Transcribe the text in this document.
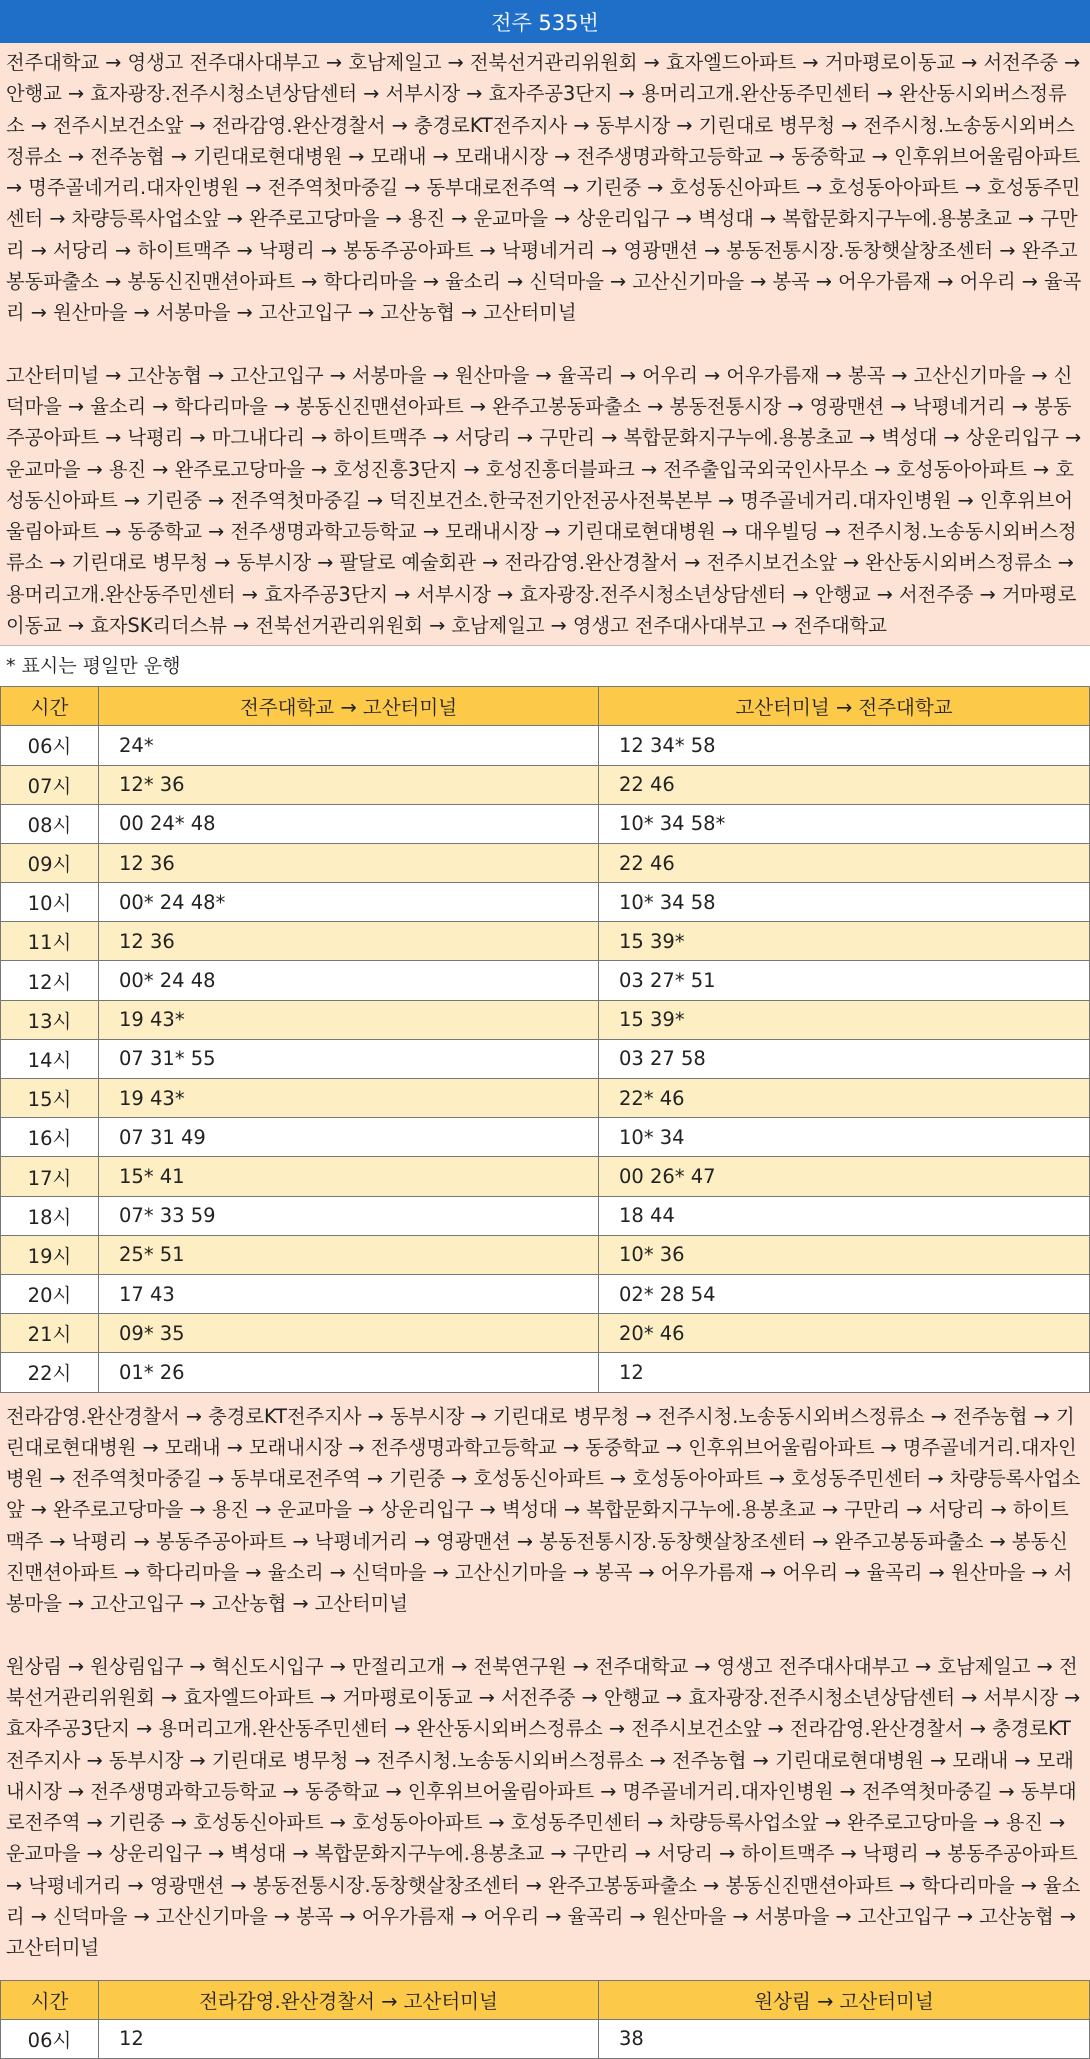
전주 535번

전주대학교 → 영생고 전주대사대부고 → 호남제일고 → 전북선거관리위원회 → 효자엘드아파트 → 거마평로이동교 → 서전주중 → 안행교 → 효자광장.전주시청소년상담센터 → 서부시장 → 효자주공3단지 → 용머리고개.완산동주민센터 → 완산동시외버스정류소 → 전주시보건소앞 → 전라감영.완산경찰서 → 충경로KT전주지사 → 동부시장 → 기린대로 병무청 → 전주시청.노송동시외버스정류소 → 전주농협 → 기린대로현대병원 → 모래내 → 모래내시장 → 전주생명과학고등학교 → 동중학교 → 인후위브어울림아파트 → 명주골네거리.대자인병원 → 전주역첫마중길 → 동부대로전주역 → 기린중 → 호성동신아파트 → 호성동아아파트 → 호성동주민센터 → 차량등록사업소앞 → 완주로고당마을 → 용진 → 운교마을 → 상운리입구 → 벽성대 → 복합문화지구누에.용봉초교 → 구만리 → 서당리 → 하이트맥주 → 낙평리 → 봉동주공아파트 → 낙평네거리 → 영광맨션 → 봉동전통시장.동창햇살창조센터 → 완주고봉동파출소 → 봉동신진맨션아파트 → 학다리마을 → 율소리 → 신덕마을 → 고산신기마을 → 봉곡 → 어우가름재 → 어우리 → 율곡리 → 원산마을 → 서봉마을 → 고산고입구 → 고산농협 → 고산터미널

고산터미널 → 고산농협 → 고산고입구 → 서봉마을 → 원산마을 → 율곡리 → 어우리 → 어우가름재 → 봉곡 → 고산신기마을 → 신덕마을 → 율소리 → 학다리마을 → 봉동신진맨션아파트 → 완주고봉동파출소 → 봉동전통시장 → 영광맨션 → 낙평네거리 → 봉동주공아파트 → 낙평리 → 마그내다리 → 하이트맥주 → 서당리 → 구만리 → 복합문화지구누에.용봉초교 → 벽성대 → 상운리입구 → 운교마을 → 용진 → 완주로고당마을 → 호성진흥3단지 → 호성진흥더블파크 → 전주출입국외국인사무소 → 호성동아아파트 → 호성동신아파트 → 기린중 → 전주역첫마중길 → 덕진보건소.한국전기안전공사전북본부 → 명주골네거리.대자인병원 → 인후위브어울림아파트 → 동중학교 → 전주생명과학고등학교 → 모래내시장 → 기린대로현대병원 → 대우빌딩 → 전주시청.노송동시외버스정류소 → 기린대로 병무청 → 동부시장 → 팔달로 예술회관 → 전라감영.완산경찰서 → 전주시보건소앞 → 완산동시외버스정류소 → 용머리고개.완산동주민센터 → 효자주공3단지 → 서부시장 → 효자광장.전주시청소년상담센터 → 안행교 → 서전주중 → 거마평로이동교 → 효자SK리더스뷰 → 전북선거관리위원회 → 호남제일고 → 영생고 전주대사대부고 → 전주대학교

* 표시는 평일만 운행
시간	전주대학교 → 고산터미널	고산터미널 → 전주대학교
06시	24*	12 34* 58
07시	12* 36	22 46
08시	00 24* 48	10* 34 58*
09시	12 36	22 46
10시	00* 24 48*	10* 34 58
11시	12 36	15 39*
12시	00* 24 48	03 27* 51
13시	19 43*	15 39*
14시	07 31* 55	03 27 58
15시	19 43*	22* 46
16시	07 31 49	10* 34
17시	15* 41	00 26* 47
18시	07* 33 59	18 44
19시	25* 51	10* 36
20시	17 43	02* 28 54
21시	09* 35	20* 46
22시	01* 26	12

전라감영.완산경찰서 → 충경로KT전주지사 → 동부시장 → 기린대로 병무청 → 전주시청.노송동시외버스정류소 → 전주농협 → 기린대로현대병원 → 모래내 → 모래내시장 → 전주생명과학고등학교 → 동중학교 → 인후위브어울림아파트 → 명주골네거리.대자인병원 → 전주역첫마중길 → 동부대로전주역 → 기린중 → 호성동신아파트 → 호성동아아파트 → 호성동주민센터 → 차량등록사업소앞 → 완주로고당마을 → 용진 → 운교마을 → 상운리입구 → 벽성대 → 복합문화지구누에.용봉초교 → 구만리 → 서당리 → 하이트맥주 → 낙평리 → 봉동주공아파트 → 낙평네거리 → 영광맨션 → 봉동전통시장.동창햇살창조센터 → 완주고봉동파출소 → 봉동신진맨션아파트 → 학다리마을 → 율소리 → 신덕마을 → 고산신기마을 → 봉곡 → 어우가름재 → 어우리 → 율곡리 → 원산마을 → 서봉마을 → 고산고입구 → 고산농협 → 고산터미널

원상림 → 원상림입구 → 혁신도시입구 → 만절리고개 → 전북연구원 → 전주대학교 → 영생고 전주대사대부고 → 호남제일고 → 전북선거관리위원회 → 효자엘드아파트 → 거마평로이동교 → 서전주중 → 안행교 → 효자광장.전주시청소년상담센터 → 서부시장 → 효자주공3단지 → 용머리고개.완산동주민센터 → 완산동시외버스정류소 → 전주시보건소앞 → 전라감영.완산경찰서 → 충경로KT전주지사 → 동부시장 → 기린대로 병무청 → 전주시청.노송동시외버스정류소 → 전주농협 → 기린대로현대병원 → 모래내 → 모래내시장 → 전주생명과학고등학교 → 동중학교 → 인후위브어울림아파트 → 명주골네거리.대자인병원 → 전주역첫마중길 → 동부대로전주역 → 기린중 → 호성동신아파트 → 호성동아아파트 → 호성동주민센터 → 차량등록사업소앞 → 완주로고당마을 → 용진 → 운교마을 → 상운리입구 → 벽성대 → 복합문화지구누에.용봉초교 → 구만리 → 서당리 → 하이트맥주 → 낙평리 → 봉동주공아파트 → 낙평네거리 → 영광맨션 → 봉동전통시장.동창햇살창조센터 → 완주고봉동파출소 → 봉동신진맨션아파트 → 학다리마을 → 율소리 → 신덕마을 → 고산신기마을 → 봉곡 → 어우가름재 → 어우리 → 율곡리 → 원산마을 → 서봉마을 → 고산고입구 → 고산농협 → 고산터미널

시간	전라감영.완산경찰서 → 고산터미널	원상림 → 고산터미널
06시	12	38
